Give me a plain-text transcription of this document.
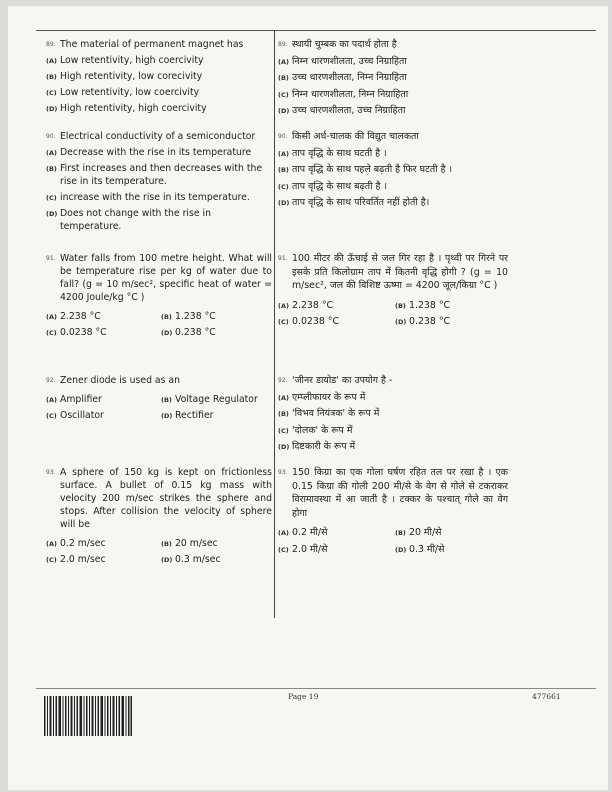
89. The material of permanent magnet has
(A) Low retentivity, high coercivity
(B) High retentivity, low corecivity
(C) Low retentivity, low coercivity
(D) High retentivity, high coercivity
89. स्थायी चुम्बक का पदार्थ होता है
(A) निम्न धारणशीलता, उच्च निग्राहिता
(B) उच्च धारणशीलता, निम्न निग्राहिता
(C) निम्न धारणशीलता, निम्न निग्राहिता
(D) उच्च धारणशीलता, उच्च निग्राहिता
90. Electrical conductivity of a semiconductor
(A) Decrease with the rise in its temperature
(B) First increases and then decreases with the rise in its temperature.
(C) increase with the rise in its temperature.
(D) Does not change with the rise in temperature.
90. किसी अर्ध-चालक की विद्युत चालकता
(A) ताप वृद्धि के साथ घटती है ।
(B) ताप वृद्धि के साथ पहले बढ़ती है फिर घटती है ।
(C) ताप वृद्धि के साथ बढ़ती है ।
(D) ताप वृद्धि के साथ परिवर्तित नहीं होती है।
91. Water falls from 100 metre height. What will be temperature rise per kg of water due to fall? (g = 10 m/sec², specific heat of water = 4200 Joule/kg °C )
(A) 2.238 °C	(B) 1.238 °C
(C) 0.0238 °C	(D) 0.238 °C
91. 100 मीटर की ऊँचाई से जल गिर रहा है । पृथ्वी पर गिरने पर इसके प्रति किलोग्राम ताप में कितनी वृद्धि होगी ? (g = 10 m/sec², जल की विशिष्ट ऊष्मा = 4200 जूल/किग्रा °C )
(A) 2.238 °C	(B) 1.238 °C
(C) 0.0238 °C	(D) 0.238 °C
92. Zener diode is used as an
(A) Amplifier	(B) Voltage Regulator
(C) Oscillator	(D) Rectifier
92. 'जीनर डायोड' का उपयोग है -
(A) एम्प्लीफायर के रूप में
(B) 'विभव नियंत्रक' के रूप में
(C) 'दोलक' के रूप में
(D) दिष्टकारी के रूप में
93. A sphere of 150 kg is kept on frictionless surface. A bullet of 0.15 kg mass with velocity 200 m/sec strikes the sphere and stops. After collision the velocity of sphere will be
(A) 0.2 m/sec	(B) 20 m/sec
(C) 2.0 m/sec	(D) 0.3 m/sec
93. 150 किग्रा का एक गोला घर्षण रहित तल पर रखा है । एक 0.15 किग्रा की गोली 200 मी/से के वेग से गोले से टकराकर विरामावस्था में आ जाती है । टक्कर के पश्चात् गोले का वेग होगा
(A) 0.2 मी/से	(B) 20 मी/से
(C) 2.0 मी/से	(D) 0.3 मी/से
Page 19	477661
